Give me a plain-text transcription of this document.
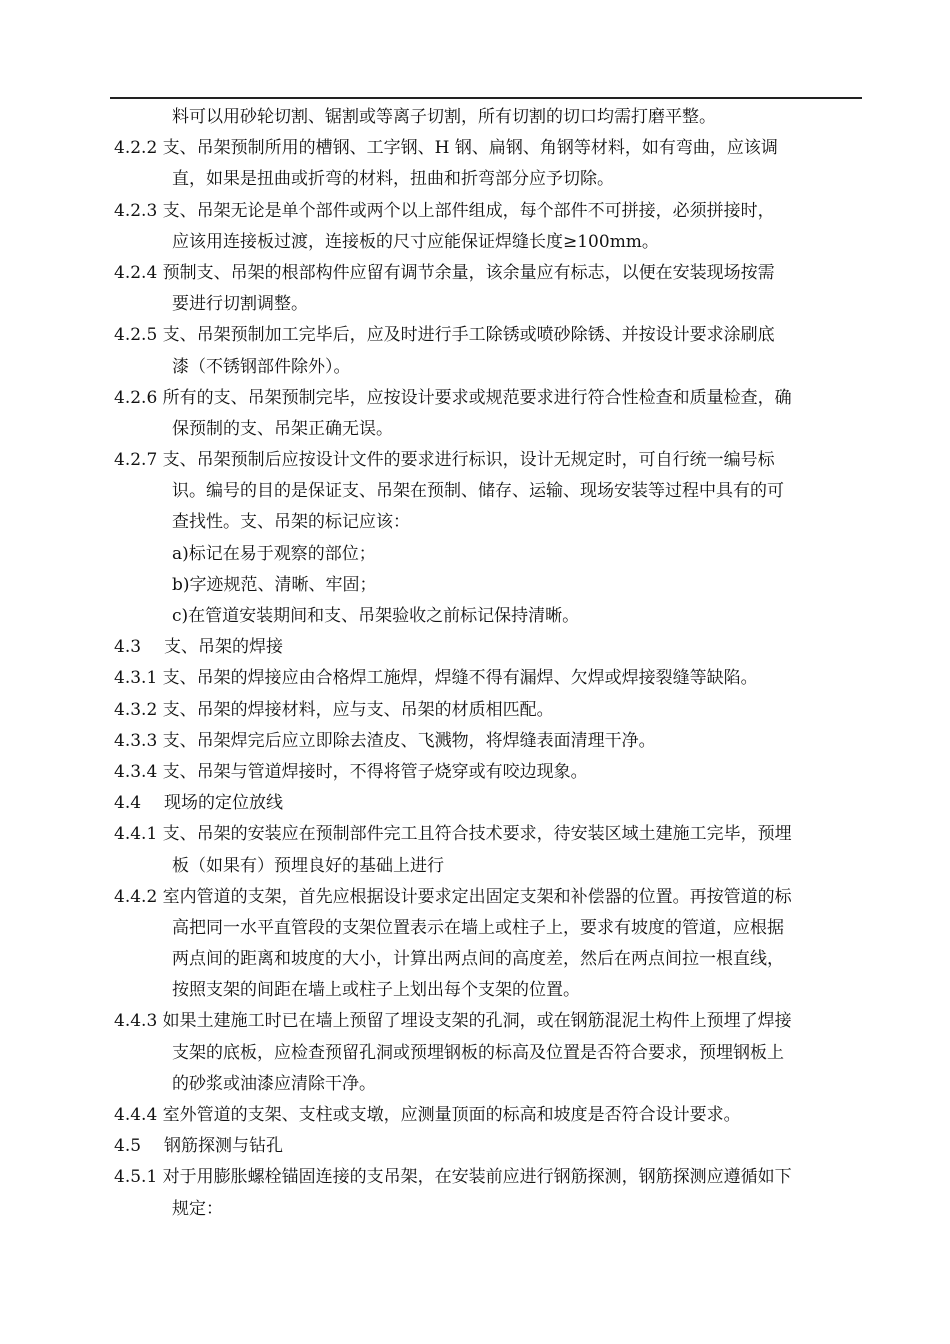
料可以用砂轮切割、锯割或等离子切割，所有切割的切口均需打磨平整。
4.2.2 支、吊架预制所用的槽钢、工字钢、H 钢、扁钢、角钢等材料，如有弯曲，应该调
直，如果是扭曲或折弯的材料，扭曲和折弯部分应予切除。
4.2.3 支、吊架无论是单个部件或两个以上部件组成，每个部件不可拼接，必须拼接时，
应该用连接板过渡，连接板的尺寸应能保证焊缝长度≥100mm。
4.2.4 预制支、吊架的根部构件应留有调节余量，该余量应有标志，以便在安装现场按需
要进行切割调整。
4.2.5 支、吊架预制加工完毕后，应及时进行手工除锈或喷砂除锈、并按设计要求涂刷底
漆（不锈钢部件除外）。
4.2.6 所有的支、吊架预制完毕，应按设计要求或规范要求进行符合性检查和质量检查，确
保预制的支、吊架正确无误。
4.2.7 支、吊架预制后应按设计文件的要求进行标识，设计无规定时，可自行统一编号标
识。编号的目的是保证支、吊架在预制、储存、运输、现场安装等过程中具有的可
查找性。支、吊架的标记应该：
a)标记在易于观察的部位；
b)字迹规范、清晰、牢固；
c)在管道安装期间和支、吊架验收之前标记保持清晰。
4.3 支、吊架的焊接
4.3.1 支、吊架的焊接应由合格焊工施焊，焊缝不得有漏焊、欠焊或焊接裂缝等缺陷。
4.3.2 支、吊架的焊接材料，应与支、吊架的材质相匹配。
4.3.3 支、吊架焊完后应立即除去渣皮、飞溅物，将焊缝表面清理干净。
4.3.4 支、吊架与管道焊接时，不得将管子烧穿或有咬边现象。
4.4 现场的定位放线
4.4.1 支、吊架的安装应在预制部件完工且符合技术要求，待安装区域土建施工完毕，预埋
板（如果有）预埋良好的基础上进行
4.4.2 室内管道的支架，首先应根据设计要求定出固定支架和补偿器的位置。再按管道的标
高把同一水平直管段的支架位置表示在墙上或柱子上，要求有坡度的管道，应根据
两点间的距离和坡度的大小，计算出两点间的高度差，然后在两点间拉一根直线，
按照支架的间距在墙上或柱子上划出每个支架的位置。
4.4.3 如果土建施工时已在墙上预留了埋设支架的孔洞，或在钢筋混泥土构件上预埋了焊接
支架的底板，应检查预留孔洞或预埋钢板的标高及位置是否符合要求，预埋钢板上
的砂浆或油漆应清除干净。
4.4.4 室外管道的支架、支柱或支墩，应测量顶面的标高和坡度是否符合设计要求。
4.5 钢筋探测与钻孔
4.5.1 对于用膨胀螺栓锚固连接的支吊架，在安装前应进行钢筋探测，钢筋探测应遵循如下
规定：
